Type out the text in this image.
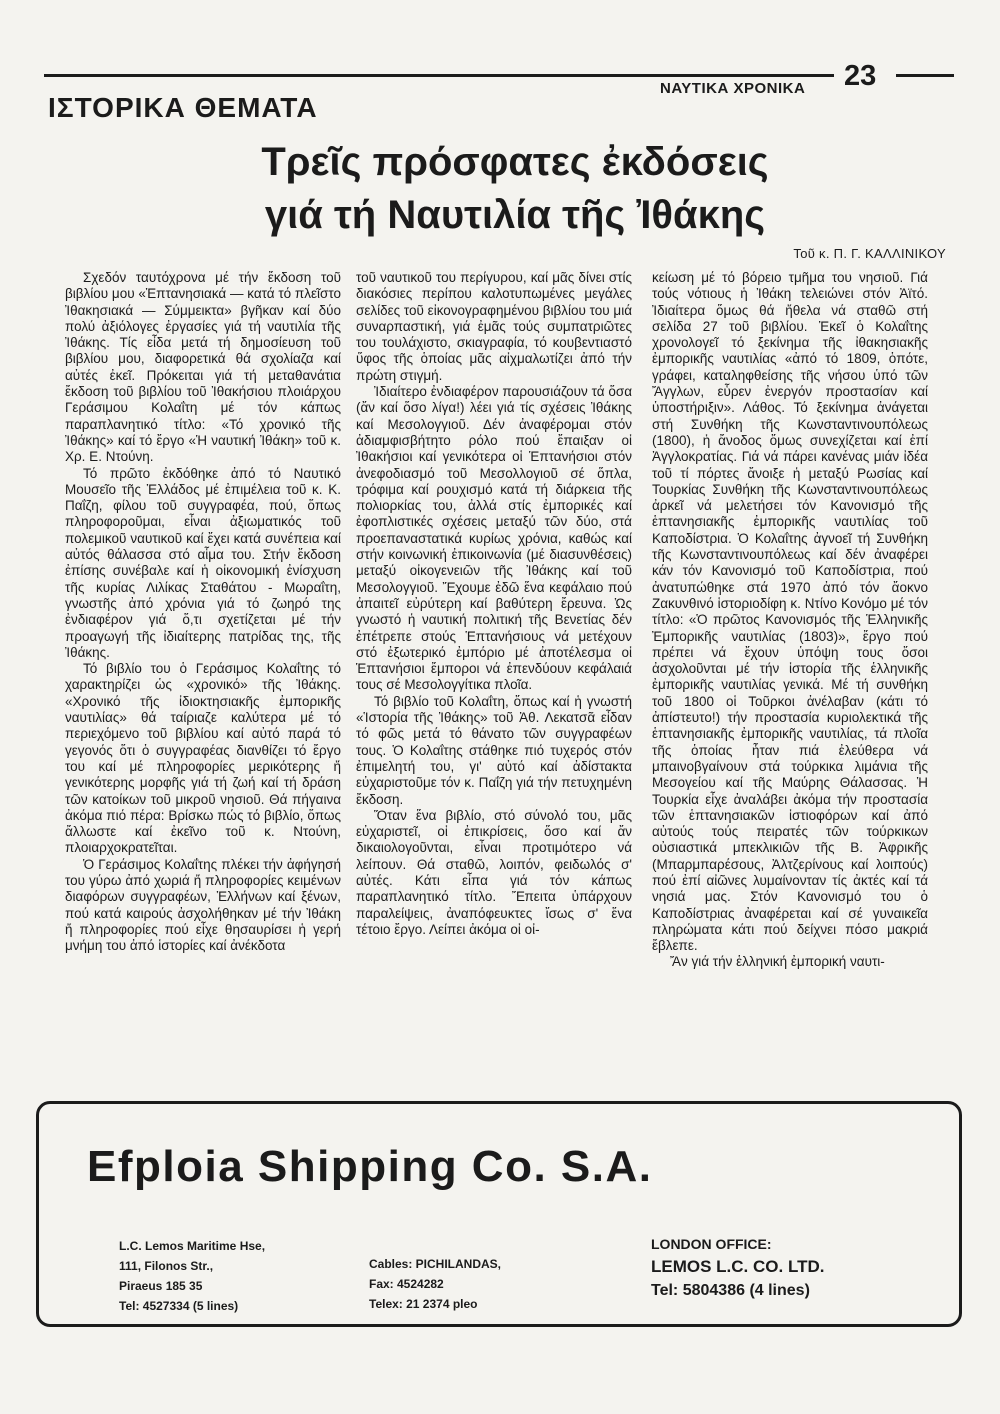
ΝΑΥΤΙΚΑ ΧΡΟΝΙΚΑ 23
ΙΣΤΟΡΙΚΑ ΘΕΜΑΤΑ
Τρεῖς πρόσφατες ἐκδόσεις
γιά τή Ναυτιλία τῆς Ἰθάκης
Τοῦ κ. Π. Γ. ΚΑΛΛΙΝΙΚΟΥ

Σχεδόν ταυτόχρονα μέ τήν ἔκδοση τοῦ βιβλίου μου «Ἑπτανησιακά — κατά τό πλεῖστο Ἰθακησιακά — Σύμμεικτα» βγῆκαν καί δύο πολύ ἀξιόλογες ἐργασίες γιά τή ναυτιλία τῆς Ἰθάκης. Τίς εἶδα μετά τή δημοσίευση τοῦ βιβλίου μου, διαφορετικά θά σχολίαζα καί αὐτές ἐκεῖ. Πρόκειται γιά τή μεταθανάτια ἔκδοση τοῦ βιβλίου τοῦ Ἰθακήσιου πλοιάρχου Γεράσιμου Κολαΐτη μέ τόν κάπως παραπλανητικό τίτλο: «Τό χρονικό τῆς Ἰθάκης» καί τό ἔργο «Ἡ ναυτική Ἰθάκη» τοῦ κ. Χρ. Ε. Ντούνη.

Τό πρῶτο ἐκδόθηκε ἀπό τό Ναυτικό Μουσεῖο τῆς Ἑλλάδος μέ ἐπιμέλεια τοῦ κ. Κ. Παΐζη, φίλου τοῦ συγγραφέα, πού, ὅπως πληροφοροῦμαι, εἶναι ἀξιωματικός τοῦ πολεμικοῦ ναυτικοῦ καί ἔχει κατά συνέπεια καί αὐτός θάλασσα στό αἷμα του. Στήν ἔκδοση ἐπίσης συνέβαλε καί ἡ οἰκονομική ἐνίσχυση τῆς κυρίας Λιλίκας Σταθάτου - Μωραΐτη, γνωστῆς ἀπό χρόνια γιά τό ζωηρό της ἐνδιαφέρον γιά ὅ,τι σχετίζεται μέ τήν προαγωγή τῆς ἰδιαίτερης πατρίδας της, τῆς Ἰθάκης.

Τό βιβλίο του ὁ Γεράσιμος Κολαΐτης τό χαρακτηρίζει ὡς «χρονικό» τῆς Ἰθάκης. «Χρονικό τῆς ἰδιοκτησιακῆς ἐμπορικῆς ναυτιλίας» θά ταίριαζε καλύτερα μέ τό περιεχόμενο τοῦ βιβλίου καί αὐτό παρά τό γεγονός ὅτι ὁ συγγραφέας διανθίζει τό ἔργο του καί μέ πληροφορίες μερικότερης ἤ γενικότερης μορφῆς γιά τή ζωή καί τή δράση τῶν κατοίκων τοῦ μικροῦ νησιοῦ. Θά πήγαινα ἀκόμα πιό πέρα: Βρίσκω πώς τό βιβλίο, ὅπως ἄλλωστε καί ἐκεῖνο τοῦ κ. Ντούνη, πλοιαρχοκρατεῖται.

Ὁ Γεράσιμος Κολαΐτης πλέκει τήν ἀφήγησή του γύρω ἀπό χωριά ἤ πληροφορίες κειμένων διαφόρων συγγραφέων, Ἑλλήνων καί ξένων, πού κατά καιρούς ἀσχολήθηκαν μέ τήν Ἰθάκη ἤ πληροφορίες πού εἶχε θησαυρίσει ἡ γερή μνήμη του ἀπό ἱστορίες καί ἀνέκδοτα

τοῦ ναυτικοῦ του περίγυρου, καί μᾶς δίνει στίς διακόσιες περίπου καλοτυπωμένες μεγάλες σελίδες τοῦ εἰκονογραφημένου βιβλίου του μιά συναρπαστική, γιά ἐμᾶς τούς συμπατριῶτες του τουλάχιστο, σκιαγραφία, τό κουβεντιαστό ὕφος τῆς ὁποίας μᾶς αἰχμαλωτίζει ἀπό τήν πρώτη στιγμή.

Ἰδιαίτερο ἐνδιαφέρον παρουσιάζουν τά ὅσα (ἄν καί ὅσο λίγα!) λέει γιά τίς σχέσεις Ἰθάκης καί Μεσολογγιοῦ. Δέν ἀναφέρομαι στόν ἀδιαμφισβήτητο ρόλο πού ἔπαιξαν οἱ Ἰθακήσιοι καί γενικότερα οἱ Ἑπτανήσιοι στόν ἀνεφοδιασμό τοῦ Μεσολλογιοῦ σέ ὅπλα, τρόφιμα καί ρουχισμό κατά τή διάρκεια τῆς πολιορκίας του, ἀλλά στίς ἐμπορικές καί ἐφοπλιστικές σχέσεις μεταξύ τῶν δύο, στά προεπαναστατικά κυρίως χρόνια, καθώς καί στήν κοινωνική ἐπικοινωνία (μέ διασυνθέσεις) μεταξύ οἰκογενειῶν τῆς Ἰθάκης καί τοῦ Μεσολογγιοῦ. Ἔχουμε ἐδῶ ἕνα κεφάλαιο πού ἀπαιτεῖ εὐρύτερη καί βαθύτερη ἔρευνα. Ὡς γνωστό ἡ ναυτική πολιτική τῆς Βενετίας δέν ἐπέτρεπε στούς Ἑπτανήσιους νά μετέχουν στό ἐξωτερικό ἐμπόριο μέ ἀποτέλεσμα οἱ Ἑπτανήσιοι ἔμποροι νά ἐπενδύουν κεφάλαιά τους σέ Μεσολογγίτικα πλοῖα.

Τό βιβλίο τοῦ Κολαΐτη, ὅπως καί ἡ γνωστή «Ἱστορία τῆς Ἰθάκης» τοῦ Ἀθ. Λεκατσᾶ εἶδαν τό φῶς μετά τό θάνατο τῶν συγγραφέων τους. Ὁ Κολαΐτης στάθηκε πιό τυχερός στόν ἐπιμελητή του, γι' αὐτό καί ἀδίστακτα εὐχαριστοῦμε τόν κ. Παΐζη γιά τήν πετυχημένη ἔκδοση.

Ὅταν ἕνα βιβλίο, στό σύνολό του, μᾶς εὐχαριστεῖ, οἱ ἐπικρίσεις, ὅσο καί ἄν δικαιολογοῦνται, εἶναι προτιμότερο νά λείπουν. Θά σταθῶ, λοιπόν, φειδωλός σ' αὐτές. Κάτι εἶπα γιά τόν κάπως παραπλανητικό τίτλο. Ἔπειτα ὑπάρχουν παραλείψεις, ἀναπόφευκτες ἴσως σ' ἕνα τέτοιο ἔργο. Λείπει ἀκόμα οἱ οἰ-

κείωση μέ τό βόρειο τμῆμα του νησιοῦ. Γιά τούς νότιους ἡ Ἰθάκη τελειώνει στόν Ἀϊτό. Ἰδιαίτερα ὅμως θά ἤθελα νά σταθῶ στή σελίδα 27 τοῦ βιβλίου. Ἐκεῖ ὁ Κολαΐτης χρονολογεῖ τό ξεκίνημα τῆς ἰθακησιακῆς ἐμπορικῆς ναυτιλίας «ἀπό τό 1809, ὁπότε, γράφει, καταληφθείσης τῆς νήσου ὑπό τῶν Ἄγγλων, εὗρεν ἐνεργόν προστασίαν καί ὑποστήριξιν». Λάθος. Τό ξεκίνημα ἀνάγεται στή Συνθήκη τῆς Κωνσταντινουπόλεως (1800), ἡ ἄνοδος ὅμως συνεχίζεται καί ἐπί Ἀγγλοκρατίας. Γιά νά πάρει κανένας μιάν ἰδέα τοῦ τί πόρτες ἄνοιξε ἡ μεταξύ Ρωσίας καί Τουρκίας Συνθήκη τῆς Κωνσταντινουπόλεως ἀρκεῖ νά μελετήσει τόν Κανονισμό τῆς ἑπτανησιακῆς ἐμπορικῆς ναυτιλίας τοῦ Καποδίστρια. Ὁ Κολαΐτης ἀγνοεῖ τή Συνθήκη τῆς Κωνσταντινουπόλεως καί δέν ἀναφέρει κάν τόν Κανονισμό τοῦ Καποδίστρια, πού ἀνατυπώθηκε στά 1970 ἀπό τόν ἄοκνο Ζακυνθινό ἱστοριοδίφη κ. Ντίνο Κονόμο μέ τόν τίτλο: «Ὁ πρῶτος Κανονισμός τῆς Ἑλληνικῆς Ἐμπορικῆς ναυτιλίας (1803)», ἔργο πού πρέπει νά ἔχουν ὑπόψη τους ὅσοι ἀσχολοῦνται μέ τήν ἱστορία τῆς ἑλληνικῆς ἐμπορικῆς ναυτιλίας γενικά. Μέ τή συνθήκη τοῦ 1800 οἱ Τοῦρκοι ἀνέλαβαν (κάτι τό ἀπίστευτο!) τήν προστασία κυριολεκτικά τῆς ἑπτανησιακῆς ἐμπορικῆς ναυτιλίας, τά πλοῖα τῆς ὁποίας ἦταν πιά ἐλεύθερα νά μπαινοβγαίνουν στά τούρκικα λιμάνια τῆς Μεσογείου καί τῆς Μαύρης Θάλασσας. Ἡ Τουρκία εἶχε ἀναλάβει ἀκόμα τήν προστασία τῶν ἑπτανησιακῶν ἱστιοφόρων καί ἀπό αὐτούς τούς πειρατές τῶν τούρκικων οὐσιαστικά μπεκλικιῶν τῆς Β. Ἀφρικῆς (Μπαρμπαρέσους, Ἀλτζερίνους καί λοιπούς) πού ἐπί αἰῶνες λυμαίνονταν τίς ἀκτές καί τά νησιά μας. Στόν Κανονισμό του ὁ Καποδίστριας ἀναφέρεται καί σέ γυναικεῖα πληρώματα κάτι πού δείχνει πόσο μακριά ἔβλεπε.

Ἄν γιά τήν ἑλληνική ἐμπορική ναυτι-

Efploia Shipping Co. S.A.
L.C. Lemos Maritime Hse,
111, Filonos Str.,
Piraeus 185 35
Tel: 4527334 (5 lines)
Cables: PICHILANDAS,
Fax: 4524282
Telex: 21 2374 pleo
LONDON OFFICE:
LEMOS L.C. CO. LTD.
Tel: 5804386 (4 lines)
